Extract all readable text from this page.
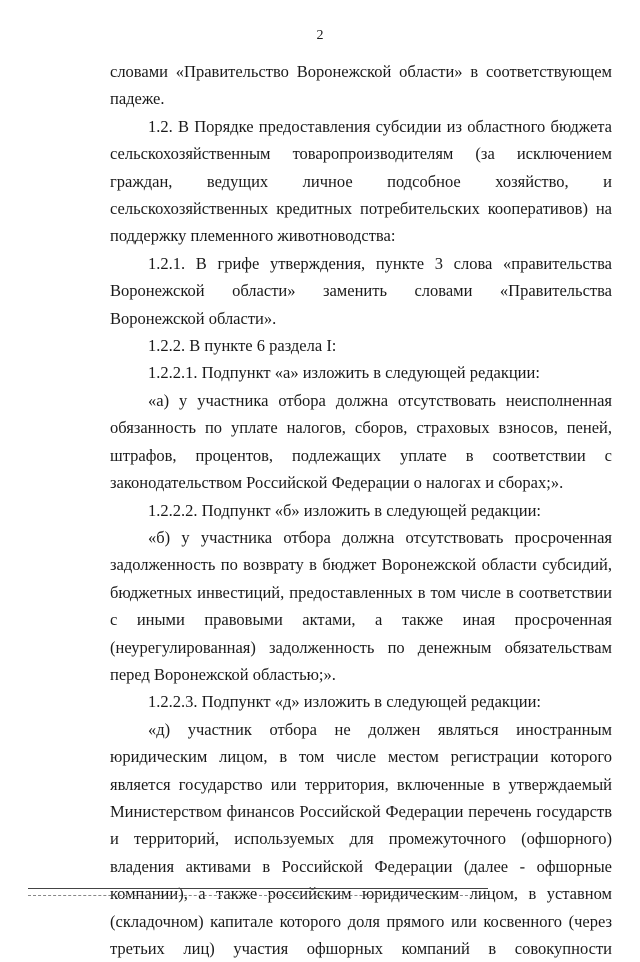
2

словами «Правительство Воронежской области» в соответствующем падеже.

1.2. В Порядке предоставления субсидии из областного бюджета сельскохозяйственным товаропроизводителям (за исключением граждан, ведущих личное подсобное хозяйство, и сельскохозяйственных кредитных потребительских кооперативов) на поддержку племенного животноводства:

1.2.1. В грифе утверждения, пункте 3 слова «правительства Воронежской области» заменить словами «Правительства Воронежской области».

1.2.2. В пункте 6 раздела I:

1.2.2.1. Подпункт «а» изложить в следующей редакции:

«а) у участника отбора должна отсутствовать неисполненная обязанность по уплате налогов, сборов, страховых взносов, пеней, штрафов, процентов, подлежащих уплате в соответствии с законодательством Российской Федерации о налогах и сборах;».

1.2.2.2. Подпункт «б» изложить в следующей редакции:

«б) у участника отбора должна отсутствовать просроченная задолженность по возврату в бюджет Воронежской области субсидий, бюджетных инвестиций, предоставленных в том числе в соответствии с иными правовыми актами, а также иная просроченная (неурегулированная) задолженность по денежным обязательствам перед Воронежской областью;».

1.2.2.3. Подпункт «д» изложить в следующей редакции:

«д) участник отбора не должен являться иностранным юридическим лицом, в том числе местом регистрации которого является государство или территория, включенные в утверждаемый Министерством финансов Российской Федерации перечень государств и территорий, используемых для промежуточного (офшорного) владения активами в Российской Федерации (далее - офшорные компании), а также российским юридическим лицом, в уставном (складочном) капитале которого доля прямого или косвенного (через третьих лиц) участия офшорных компаний в совокупности
